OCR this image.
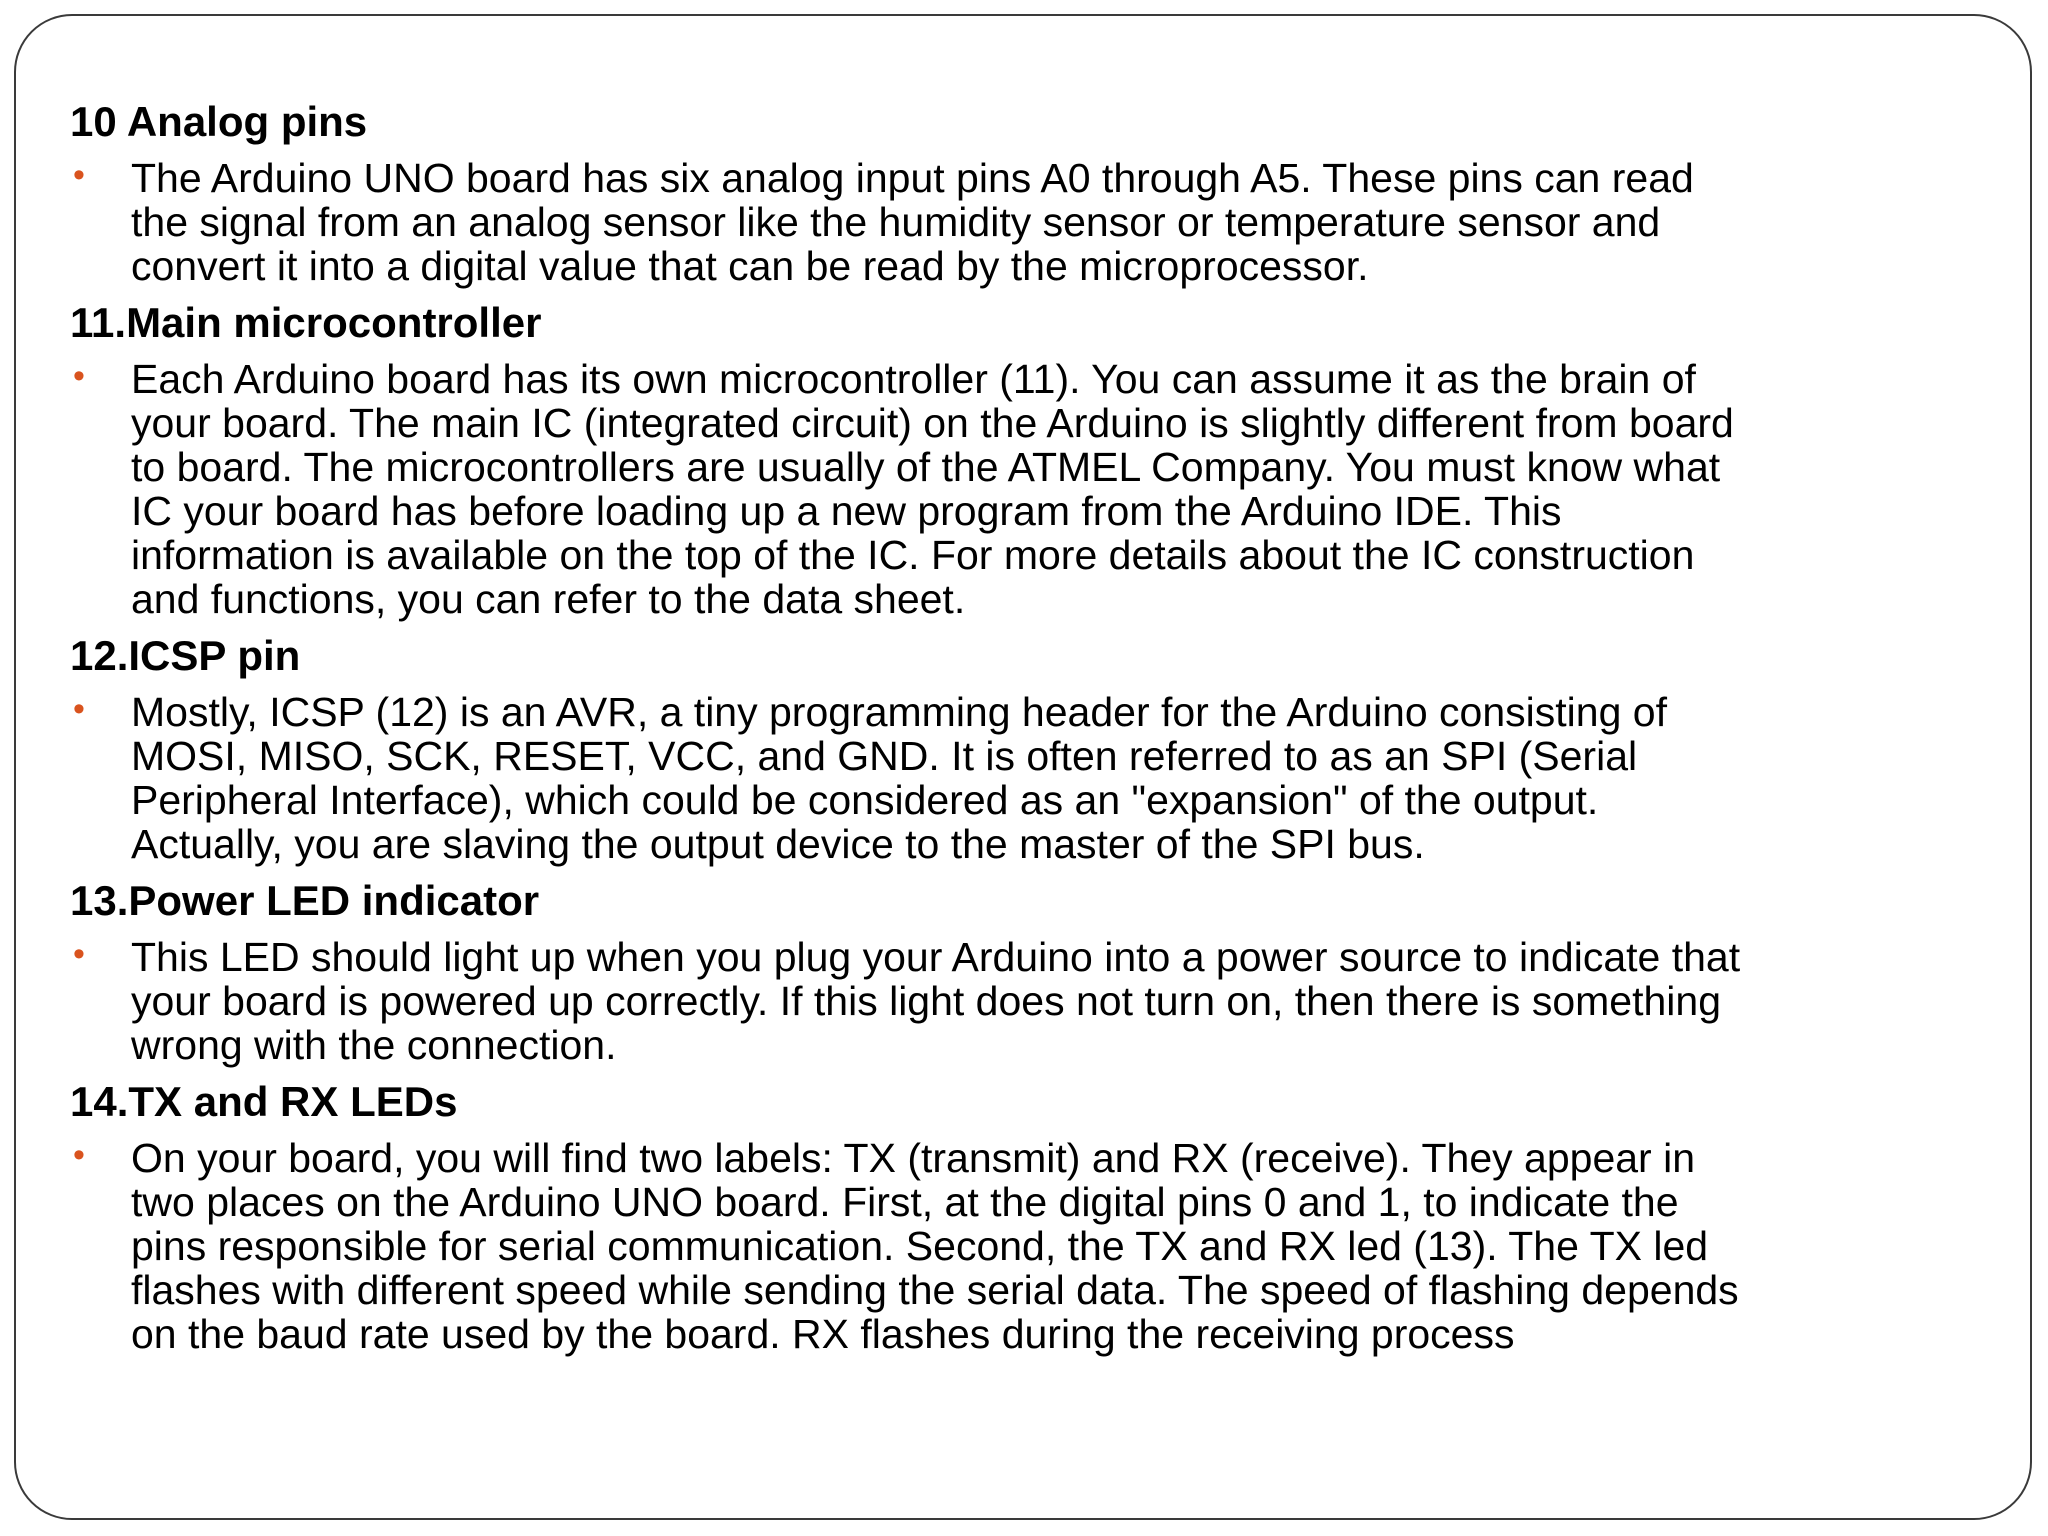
10 Analog pins
• The Arduino UNO board has six analog input pins A0 through A5. These pins can read
the signal from an analog sensor like the humidity sensor or temperature sensor and
convert it into a digital value that can be read by the microprocessor.
11.Main microcontroller
• Each Arduino board has its own microcontroller (11). You can assume it as the brain of
your board. The main IC (integrated circuit) on the Arduino is slightly different from board
to board. The microcontrollers are usually of the ATMEL Company. You must know what
IC your board has before loading up a new program from the Arduino IDE. This
information is available on the top of the IC. For more details about the IC construction
and functions, you can refer to the data sheet.
12.ICSP pin
• Mostly, ICSP (12) is an AVR, a tiny programming header for the Arduino consisting of
MOSI, MISO, SCK, RESET, VCC, and GND. It is often referred to as an SPI (Serial
Peripheral Interface), which could be considered as an "expansion" of the output.
Actually, you are slaving the output device to the master of the SPI bus.
13.Power LED indicator
• This LED should light up when you plug your Arduino into a power source to indicate that
your board is powered up correctly. If this light does not turn on, then there is something
wrong with the connection.
14.TX and RX LEDs
• On your board, you will find two labels: TX (transmit) and RX (receive). They appear in
two places on the Arduino UNO board. First, at the digital pins 0 and 1, to indicate the
pins responsible for serial communication. Second, the TX and RX led (13). The TX led
flashes with different speed while sending the serial data. The speed of flashing depends
on the baud rate used by the board. RX flashes during the receiving process
